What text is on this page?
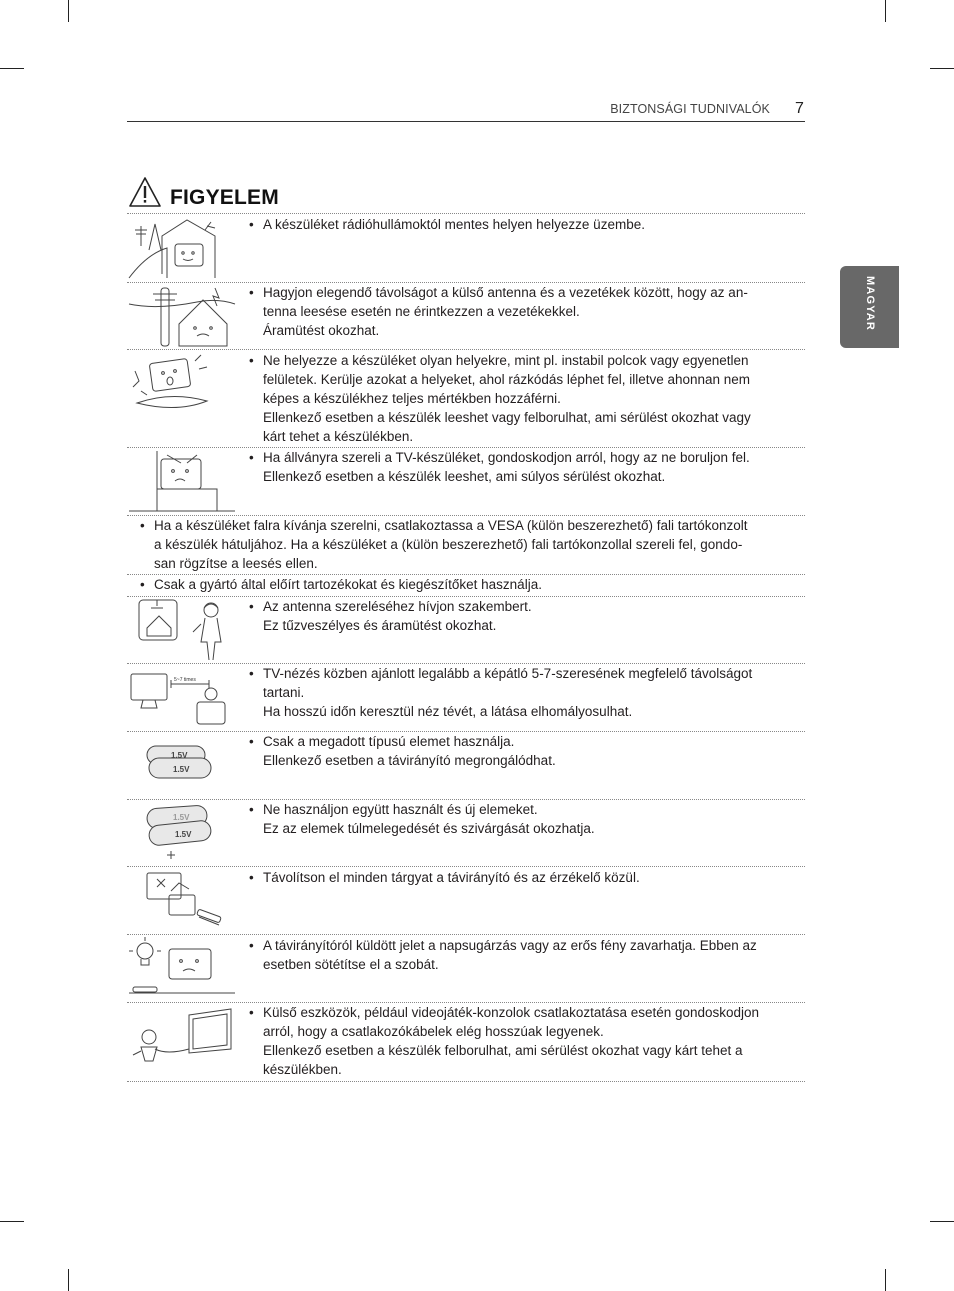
BIZTONSÁGI TUDNIVALÓK 7
MAGYAR
FIGYELEM
5~7 times
1.5V
1.5V
1.5V
1.5V
• A készüléket rádióhullámoktól mentes helyen helyezze üzembe.
• Hagyjon elegendő távolságot a külső antenna és a vezetékek között, hogy az an-
tenna leesése esetén ne érintkezzen a vezetékekkel.
Áramütést okozhat.
• Ne helyezze a készüléket olyan helyekre, mint pl. instabil polcok vagy egyenetlen
felületek. Kerülje azokat a helyeket, ahol rázkódás léphet fel, illetve ahonnan nem
képes a készülékhez teljes mértékben hozzáférni.
Ellenkező esetben a készülék leeshet vagy felborulhat, ami sérülést okozhat vagy
kárt tehet a készülékben.
• Ha állványra szereli a TV-készüléket, gondoskodjon arról, hogy az ne boruljon fel.
Ellenkező esetben a készülék leeshet, ami súlyos sérülést okozhat.
• Ha a készüléket falra kívánja szerelni, csatlakoztassa a VESA (külön beszerezhető) fali tartókonzolt
a készülék hátuljához. Ha a készüléket a (külön beszerezhető) fali tartókonzollal szereli fel, gondo-
san rögzítse a leesés ellen.
• Csak a gyártó által előírt tartozékokat és kiegészítőket használja.
• Az antenna szereléséhez hívjon szakembert.
Ez tűzveszélyes és áramütést okozhat.
• TV-nézés közben ajánlott legalább a képátló 5-7-szeresének megfelelő távolságot
tartani.
Ha hosszú időn keresztül néz tévét, a látása elhomályosulhat.
• Csak a megadott típusú elemet használja.
Ellenkező esetben a távirányító megrongálódhat.
• Ne használjon együtt használt és új elemeket.
Ez az elemek túlmelegedését és szivárgását okozhatja.
• Távolítson el minden tárgyat a távirányító és az érzékelő közül.
• A távirányítóról küldött jelet a napsugárzás vagy az erős fény zavarhatja. Ebben az
esetben sötétítse el a szobát.
• Külső eszközök, például videojáték-konzolok csatlakoztatása esetén gondoskodjon
arról, hogy a csatlakozókábelek elég hosszúak legyenek.
Ellenkező esetben a készülék felborulhat, ami sérülést okozhat vagy kárt tehet a
készülékben.
